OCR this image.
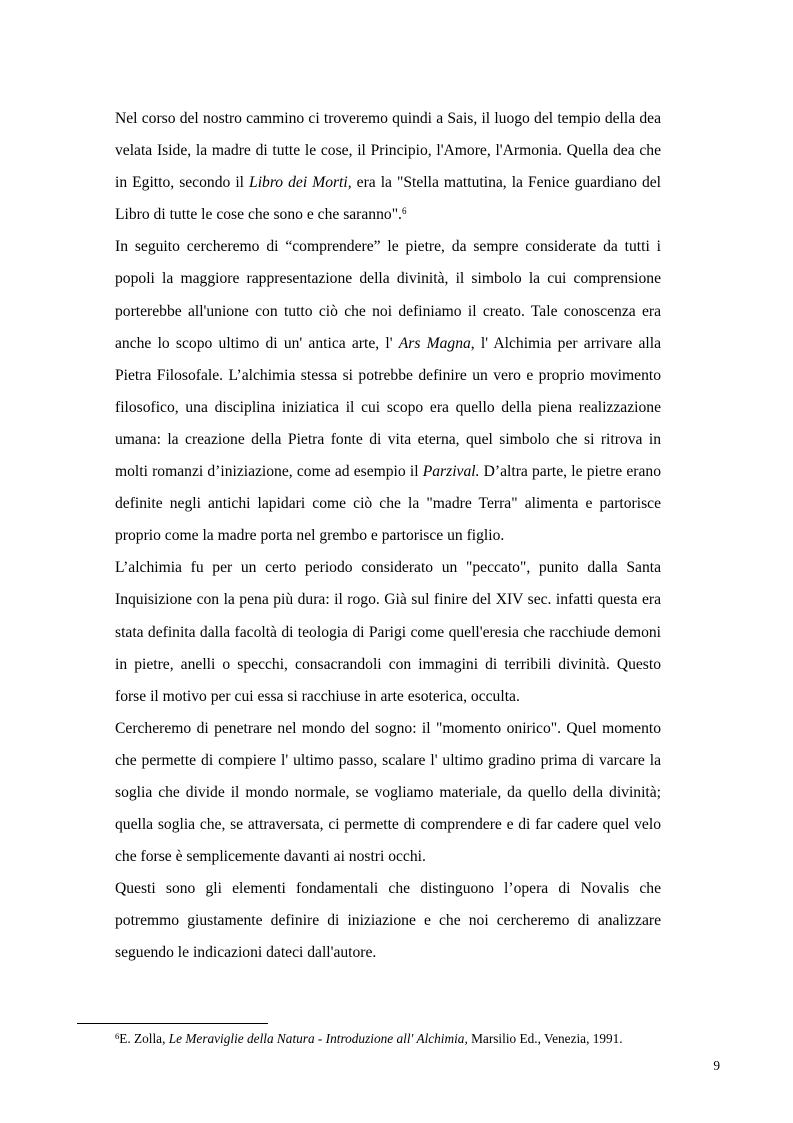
Nel corso del nostro cammino ci troveremo quindi a Sais, il luogo del tempio della dea velata Iside, la madre di tutte le cose, il Principio, l'Amore, l'Armonia. Quella dea che in Egitto, secondo il Libro dei Morti, era la "Stella mattutina, la Fenice guardiano del Libro di tutte le cose che sono e che saranno".$^6$

In seguito cercheremo di “comprendere” le pietre, da sempre considerate da tutti i popoli la maggiore rappresentazione della divinità, il simbolo la cui comprensione porterebbe all'unione con tutto ciò che noi definiamo il creato. Tale conoscenza era anche lo scopo ultimo di un' antica arte, l' Ars Magna, l' Alchimia per arrivare alla Pietra Filosofale. L’alchimia stessa si potrebbe definire un vero e proprio movimento filosofico, una disciplina iniziatica il cui scopo era quello della piena realizzazione umana: la creazione della Pietra fonte di vita eterna, quel simbolo che si ritrova in molti romanzi d’iniziazione, come ad esempio il Parzival. D’altra parte, le pietre erano definite negli antichi lapidari come ciò che la "madre Terra" alimenta e partorisce proprio come la madre porta nel grembo e partorisce un figlio.

L’alchimia fu per un certo periodo considerato un "peccato", punito dalla Santa Inquisizione con la pena più dura: il rogo. Già sul finire del XIV sec. infatti questa era stata definita dalla facoltà di teologia di Parigi come quell'eresia che racchiude demoni in pietre, anelli o specchi, consacrandoli con immagini di terribili divinità. Questo forse il motivo per cui essa si racchiuse in arte esoterica, occulta.

Cercheremo di penetrare nel mondo del sogno: il "momento onirico". Quel momento che permette di compiere l' ultimo passo, scalare l' ultimo gradino prima di varcare la soglia che divide il mondo normale, se vogliamo materiale, da quello della divinità; quella soglia che, se attraversata, ci permette di comprendere e di far cadere quel velo che forse è semplicemente davanti ai nostri occhi.

Questi sono gli elementi fondamentali che distinguono l’opera di Novalis che potremmo giustamente definire di iniziazione e che noi cercheremo di analizzare seguendo le indicazioni dateci dall'autore.

$^6$E. Zolla, Le Meraviglie della Natura - Introduzione all' Alchimia, Marsilio Ed., Venezia, 1991.
9
